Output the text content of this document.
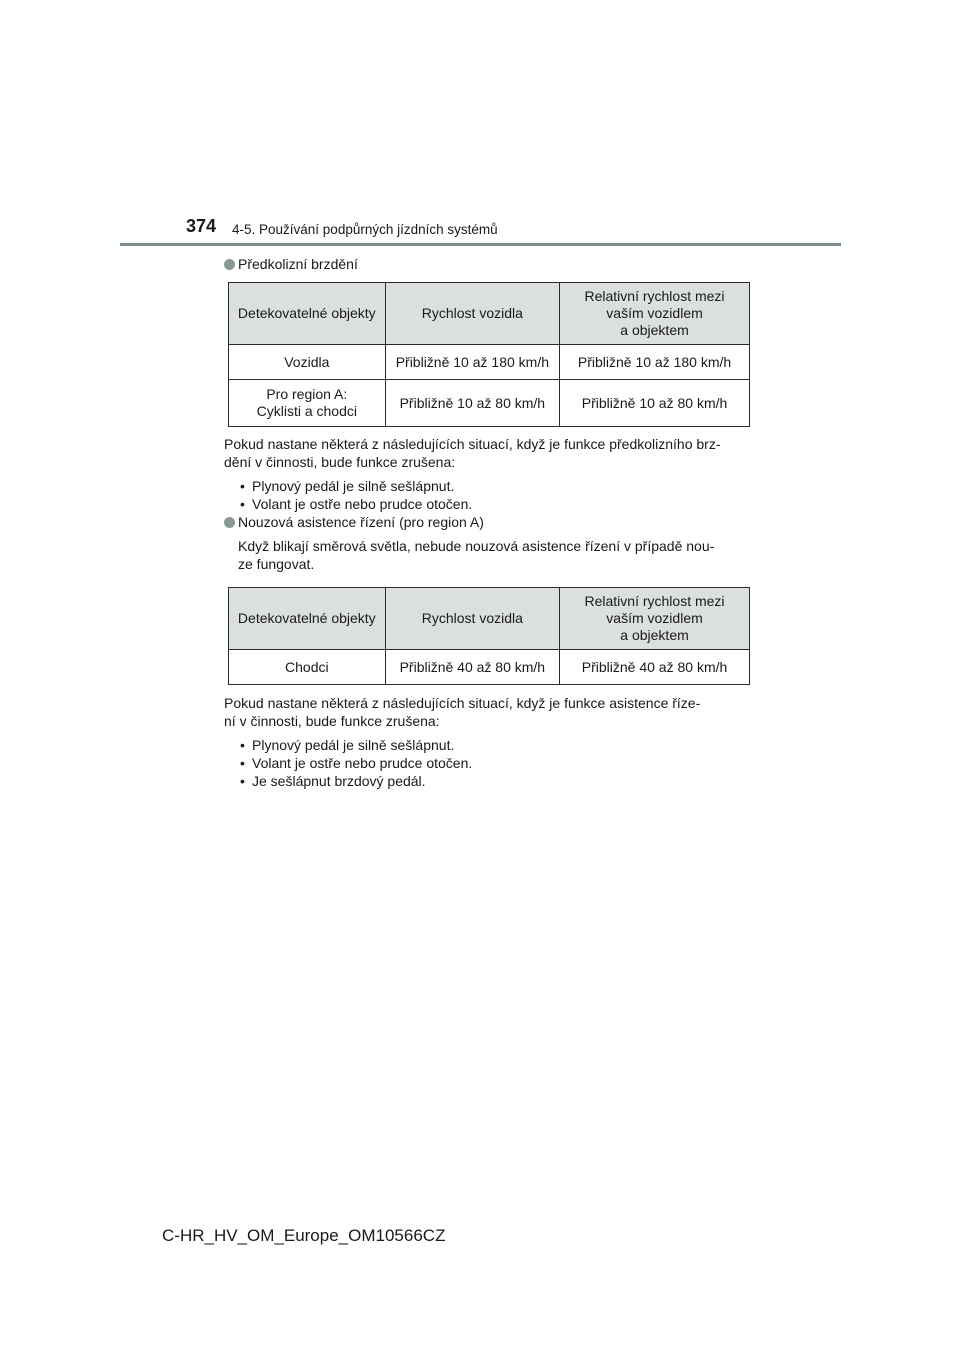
374 4-5. Používání podpůrných jízdních systémů
Předkolizní brzdění
Detekovatelné objekty	Rychlost vozidla	Relativní rychlost mezi
vaším vozidlem
a objektem
Vozidla	Přibližně 10 až 180 km/h	Přibližně 10 až 180 km/h
Pro region A:
Cyklisti a chodci	Přibližně 10 až 80 km/h	Přibližně 10 až 80 km/h

Pokud nastane některá z následujících situací, když je funkce předkolizního brz-
dění v činnosti, bude funkce zrušena:

• Plynový pedál je silně sešlápnut.
• Volant je ostře nebo prudce otočen.
Nouzová asistence řízení (pro region A)

Když blikají směrová světla, nebude nouzová asistence řízení v případě nou-
ze fungovat.

Detekovatelné objekty	Rychlost vozidla	Relativní rychlost mezi
vaším vozidlem
a objektem
Chodci	Přibližně 40 až 80 km/h	Přibližně 40 až 80 km/h

Pokud nastane některá z následujících situací, když je funkce asistence říze-
ní v činnosti, bude funkce zrušena:

• Plynový pedál je silně sešlápnut.
• Volant je ostře nebo prudce otočen.
• Je sešlápnut brzdový pedál.
C-HR_HV_OM_Europe_OM10566CZ
